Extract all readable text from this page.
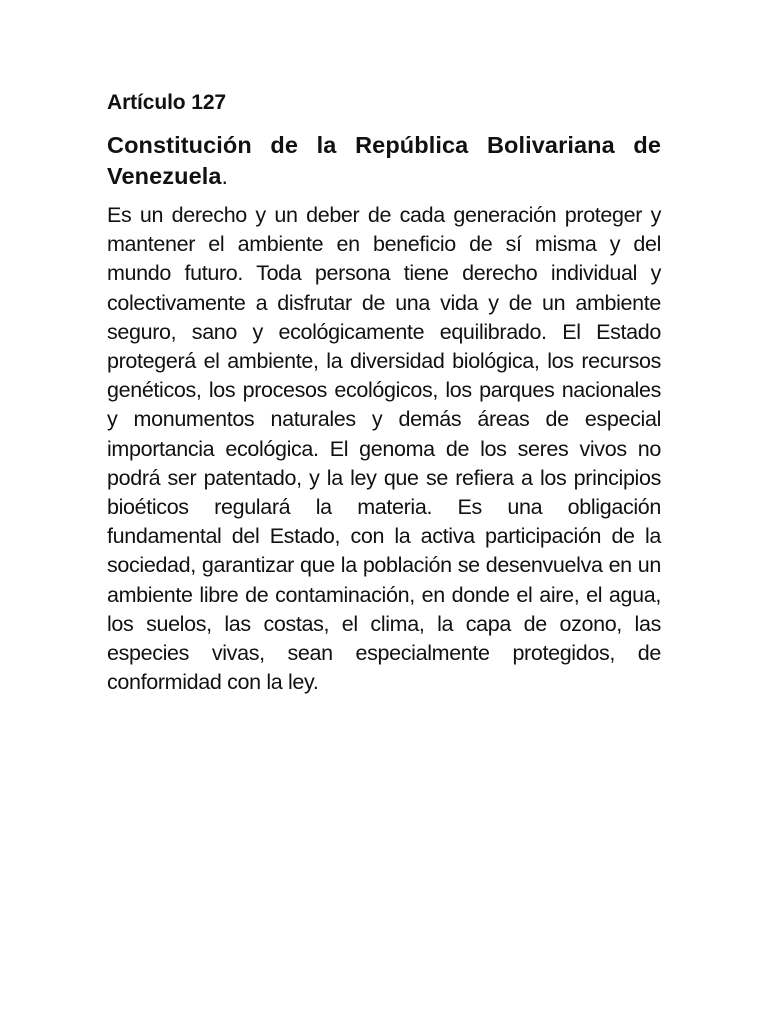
Artículo 127

Constitución de la República Bolivariana de Venezuela.

Es un derecho y un deber de cada generación proteger y mantener el ambiente en beneficio de sí misma y del mundo futuro. Toda persona tiene derecho individual y colectivamente a disfrutar de una vida y de un ambiente seguro, sano y ecológicamente equilibrado. El Estado protegerá el ambiente, la diversidad biológica, los recursos genéticos, los procesos ecológicos, los parques nacionales y monumentos naturales y demás áreas de especial importancia ecológica. El genoma de los seres vivos no podrá ser patentado, y la ley que se refiera a los principios bioéticos regulará la materia. Es una obligación fundamental del Estado, con la activa participación de la sociedad, garantizar que la población se desenvuelva en un ambiente libre de contaminación, en donde el aire, el agua, los suelos, las costas, el clima, la capa de ozono, las especies vivas, sean especialmente protegidos, de conformidad con la ley.
